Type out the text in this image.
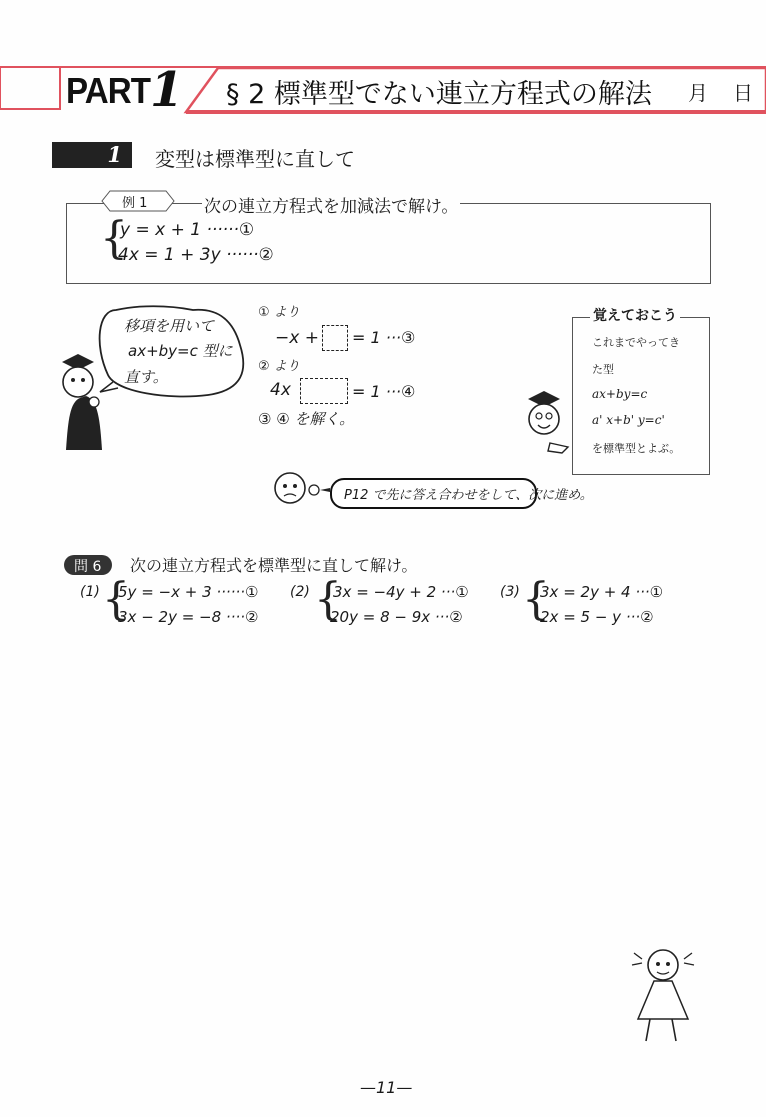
PART 1 § 2 標準型でない連立方程式の解法 月 日
1 変型は標準型に直して
例 1	次の連立方程式を加減法で解け。
{
y = x + 1 ······①
4x = 1 + 3y ······②
移項を用いて
ax+by=c 型に
直す。
① より
−x + = 1 ···③
② より
4x	= 1 ···④
③ ④ を解く。
覚えておこう
これまでやってき
た型
ax+by=c
a' x+b' y=c'
を標準型とよぶ。
P12 で先に答え合わせをして、次に進め。
問 6 次の連立方程式を標準型に直して解け。
(1) {
5y = −x + 3 ······①
3x − 2y = −8 ····②
(2) {
3x = −4y + 2 ···①
20y = 8 − 9x ···②
(3) {
3x = 2y + 4 ···①
2x = 5 − y ···②
—11—
